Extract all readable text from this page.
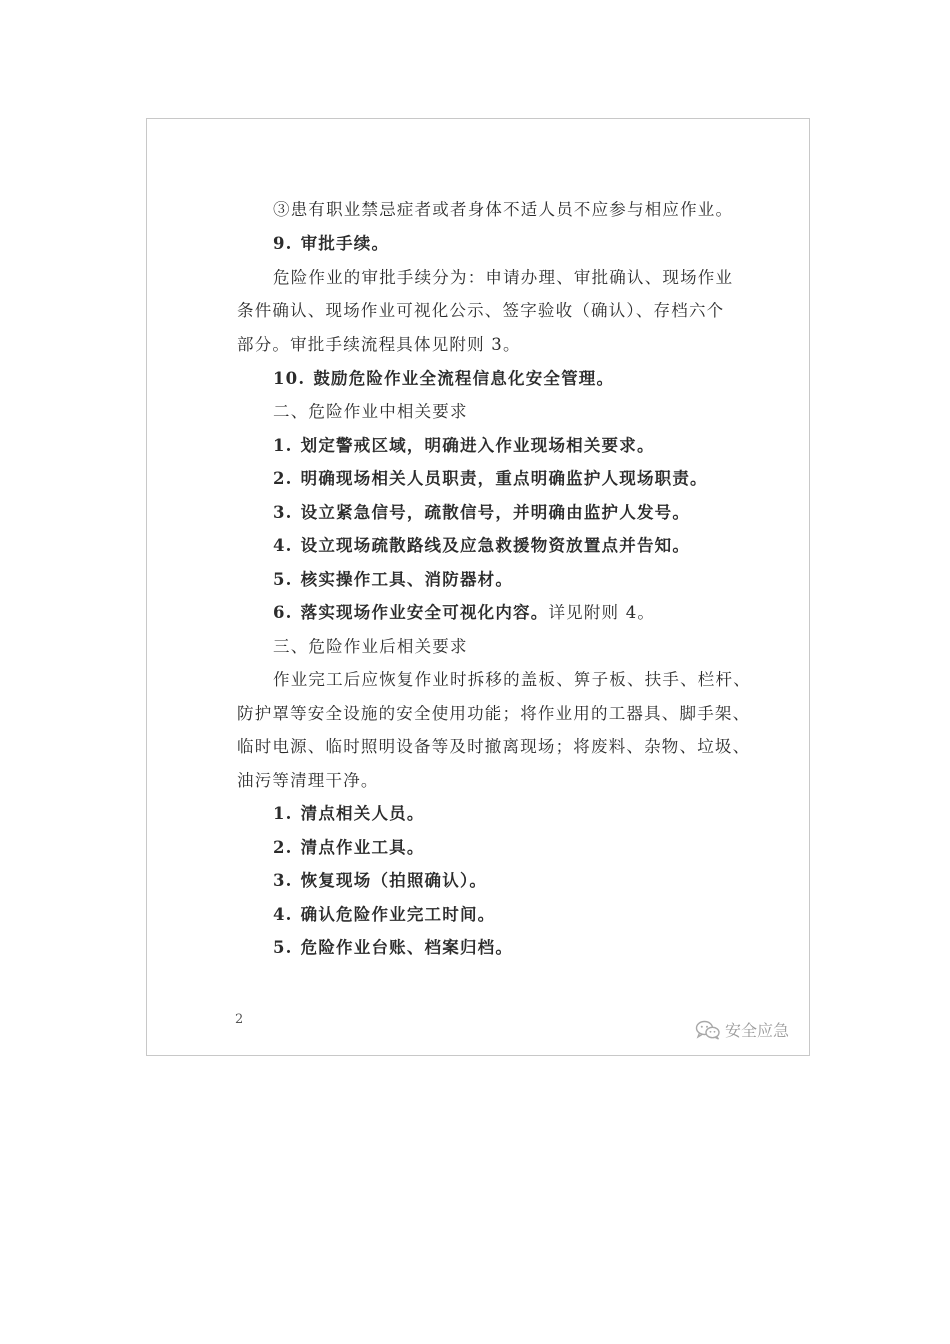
③患有职业禁忌症者或者身体不适人员不应参与相应作业。
9. 审批手续。
危险作业的审批手续分为：申请办理、审批确认、现场作业
条件确认、现场作业可视化公示、签字验收（确认）、存档六个
部分。审批手续流程具体见附则 3。
10. 鼓励危险作业全流程信息化安全管理。
二、危险作业中相关要求
1. 划定警戒区域，明确进入作业现场相关要求。
2. 明确现场相关人员职责，重点明确监护人现场职责。
3. 设立紧急信号，疏散信号，并明确由监护人发号。
4. 设立现场疏散路线及应急救援物资放置点并告知。
5. 核实操作工具、消防器材。
6. 落实现场作业安全可视化内容。详见附则 4。
三、危险作业后相关要求
作业完工后应恢复作业时拆移的盖板、箅子板、扶手、栏杆、
防护罩等安全设施的安全使用功能；将作业用的工器具、脚手架、
临时电源、临时照明设备等及时撤离现场；将废料、杂物、垃圾、
油污等清理干净。
1. 清点相关人员。
2. 清点作业工具。
3. 恢复现场（拍照确认）。
4. 确认危险作业完工时间。
5. 危险作业台账、档案归档。
2
安全应急
